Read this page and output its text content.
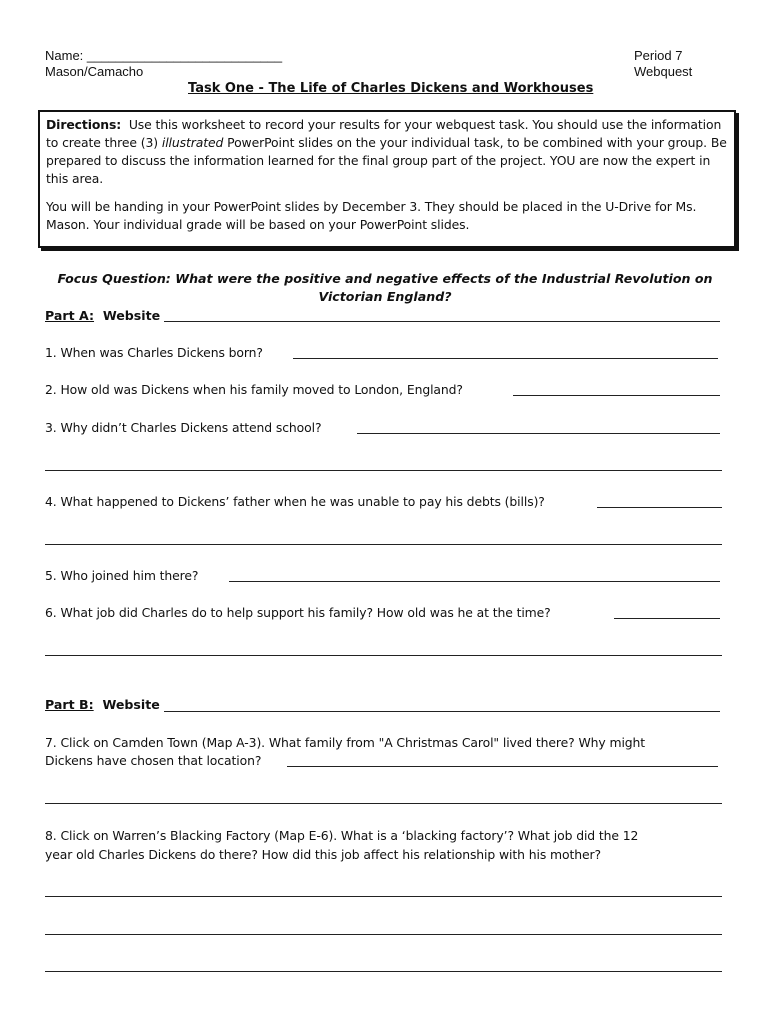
Name: ___________________________
Mason/Camacho
Period 7
Webquest
Task One - The Life of Charles Dickens and Workhouses

Directions: Use this worksheet to record your results for your webquest task. You should use the information to create three (3) illustrated PowerPoint slides on the your individual task, to be combined with your group. Be prepared to discuss the information learned for the final group part of the project. YOU are now the expert in this area.

You will be handing in your PowerPoint slides by December 3. They should be placed in the U-Drive for Ms. Mason. Your individual grade will be based on your PowerPoint slides.

Focus Question: What were the positive and negative effects of the Industrial Revolution on Victorian England?
Part A: Website
1. When was Charles Dickens born?
2. How old was Dickens when his family moved to London, England?
3. Why didn’t Charles Dickens attend school?
4. What happened to Dickens’ father when he was unable to pay his debts (bills)?
5. Who joined him there?
6. What job did Charles do to help support his family? How old was he at the time?
Part B: Website
7. Click on Camden Town (Map A-3). What family from "A Christmas Carol" lived there? Why might
Dickens have chosen that location?
8. Click on Warren’s Blacking Factory (Map E-6). What is a ‘blacking factory’? What job did the 12
year old Charles Dickens do there? How did this job affect his relationship with his mother?
